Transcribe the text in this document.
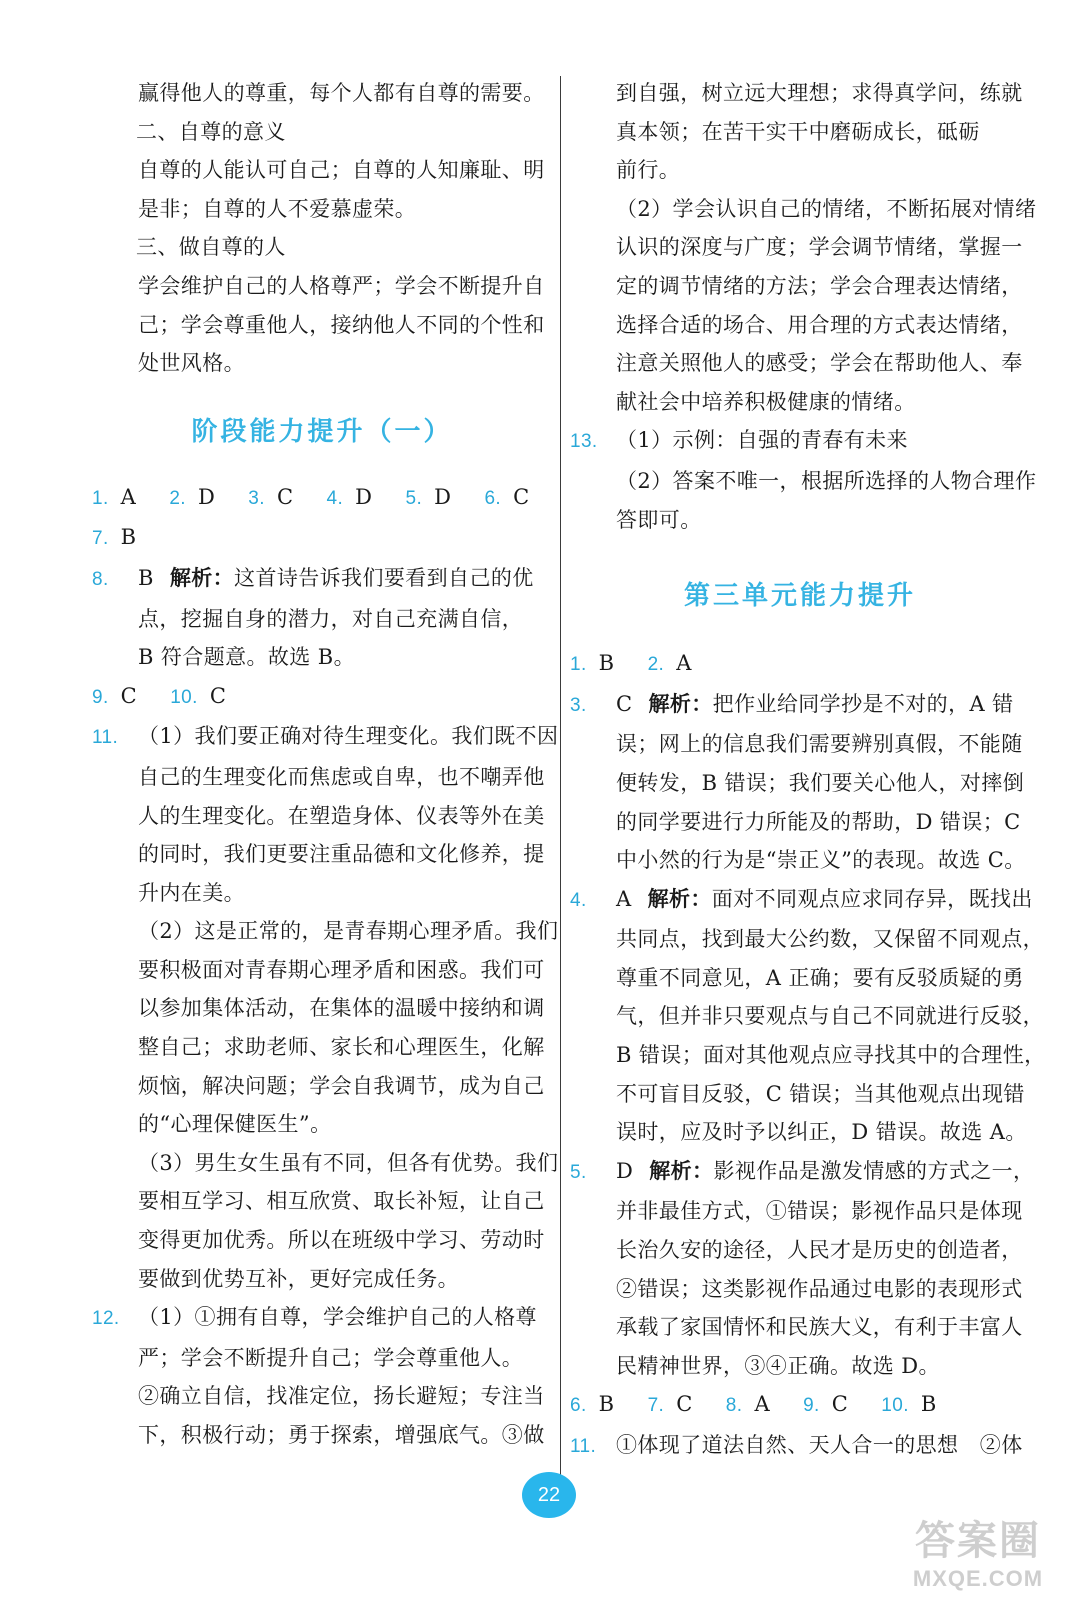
赢得他人的尊重，每个人都有自尊的需要。
二、自尊的意义
自尊的人能认可自己；自尊的人知廉耻、明
是非；自尊的人不爱慕虚荣。
三、做自尊的人
学会维护自己的人格尊严；学会不断提升自
己；学会尊重他人，接纳他人不同的个性和
处世风格。
阶段能力提升（一）
1. A 2. D 3. C 4. D 5. D 6. C
7. B
8. B 解析：这首诗告诉我们要看到自己的优
点，挖掘自身的潜力，对自己充满自信，
B 符合题意。故选 B。
9. C 10. C
11. （1）我们要正确对待生理变化。我们既不因
自己的生理变化而焦虑或自卑，也不嘲弄他
人的生理变化。在塑造身体、仪表等外在美
的同时，我们更要注重品德和文化修养，提
升内在美。
（2）这是正常的，是青春期心理矛盾。我们
要积极面对青春期心理矛盾和困惑。我们可
以参加集体活动，在集体的温暖中接纳和调
整自己；求助老师、家长和心理医生，化解
烦恼，解决问题；学会自我调节，成为自己
的“心理保健医生”。
（3）男生女生虽有不同，但各有优势。我们
要相互学习、相互欣赏、取长补短，让自己
变得更加优秀。所以在班级中学习、劳动时
要做到优势互补，更好完成任务。
12. （1）①拥有自尊，学会维护自己的人格尊
严；学会不断提升自己；学会尊重他人。
②确立自信，找准定位，扬长避短；专注当
下，积极行动；勇于探索，增强底气。③做
到自强，树立远大理想；求得真学问，练就
真本领；在苦干实干中磨砺成长，砥砺
前行。
（2）学会认识自己的情绪，不断拓展对情绪
认识的深度与广度；学会调节情绪，掌握一
定的调节情绪的方法；学会合理表达情绪，
选择合适的场合、用合理的方式表达情绪，
注意关照他人的感受；学会在帮助他人、奉
献社会中培养积极健康的情绪。
13. （1）示例：自强的青春有未来
（2）答案不唯一，根据所选择的人物合理作
答即可。
第三单元能力提升
1. B 2. A
3. C 解析：把作业给同学抄是不对的，A 错
误；网上的信息我们需要辨别真假，不能随
便转发，B 错误；我们要关心他人，对摔倒
的同学要进行力所能及的帮助，D 错误；C
中小然的行为是“崇正义”的表现。故选 C。
4. A 解析：面对不同观点应求同存异，既找出
共同点，找到最大公约数，又保留不同观点，
尊重不同意见，A 正确；要有反驳质疑的勇
气，但并非只要观点与自己不同就进行反驳，
B 错误；面对其他观点应寻找其中的合理性，
不可盲目反驳，C 错误；当其他观点出现错
误时，应及时予以纠正，D 错误。故选 A。
5. D 解析：影视作品是激发情感的方式之一，
并非最佳方式，①错误；影视作品只是体现
长治久安的途径，人民才是历史的创造者，
②错误；这类影视作品通过电影的表现形式
承载了家国情怀和民族大义，有利于丰富人
民精神世界，③④正确。故选 D。
6. B 7. C 8. A 9. C 10. B
11. ①体现了道法自然、天人合一的思想　②体
22
答案圈
MXQE.COM
